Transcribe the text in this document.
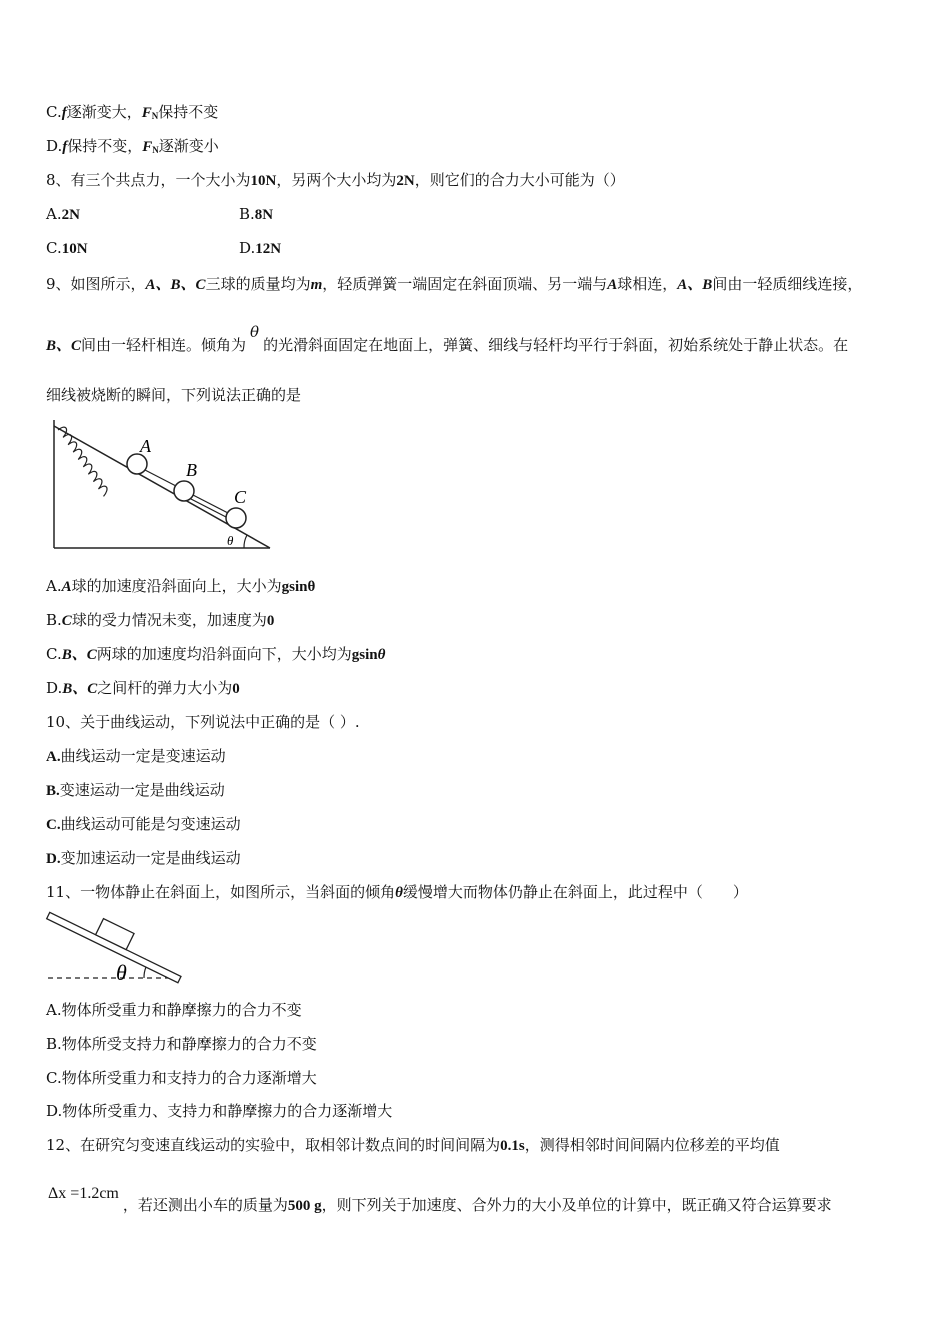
C.f逐渐变大，$F_N$保持不变
D.f保持不变，$F_N$逐渐变小
8、有三个共点力，一个大小为10N，另两个大小均为2N，则它们的合力大小可能为（）
A.2N	B.8N
C.10N	D.12N
9、如图所示，A、B、C三球的质量均为m，轻质弹簧一端固定在斜面顶端、另一端与A球相连，A、B间由一轻质细线连接，
B、C间由一轻杆相连。倾角为θ的光滑斜面固定在地面上，弹簧、细线与轻杆均平行于斜面，初始系统处于静止状态。在
细线被烧断的瞬间，下列说法正确的是
A
B
C
θ
A.A球的加速度沿斜面向上，大小为gsinθ
B.C球的受力情况未变，加速度为0
C.B、C两球的加速度均沿斜面向下，大小均为gsinθ
D.B、C之间杆的弹力大小为0
10、关于曲线运动，下列说法中正确的是（ ）.
A.曲线运动一定是变速运动
B.变速运动一定是曲线运动
C.曲线运动可能是匀变速运动
D.变加速运动一定是曲线运动
11、一物体静止在斜面上，如图所示，当斜面的倾角θ缓慢增大而物体仍静止在斜面上，此过程中（　　）
θ
A.物体所受重力和静摩擦力的合力不变
B.物体所受支持力和静摩擦力的合力不变
C.物体所受重力和支持力的合力逐渐增大
D.物体所受重力、支持力和静摩擦力的合力逐渐增大
12、在研究匀变速直线运动的实验中，取相邻计数点间的时间间隔为0.1s，测得相邻时间间隔内位移差的平均值
Δx =1.2cm，若还测出小车的质量为500 g，则下列关于加速度、合外力的大小及单位的计算中，既正确又符合运算要求
